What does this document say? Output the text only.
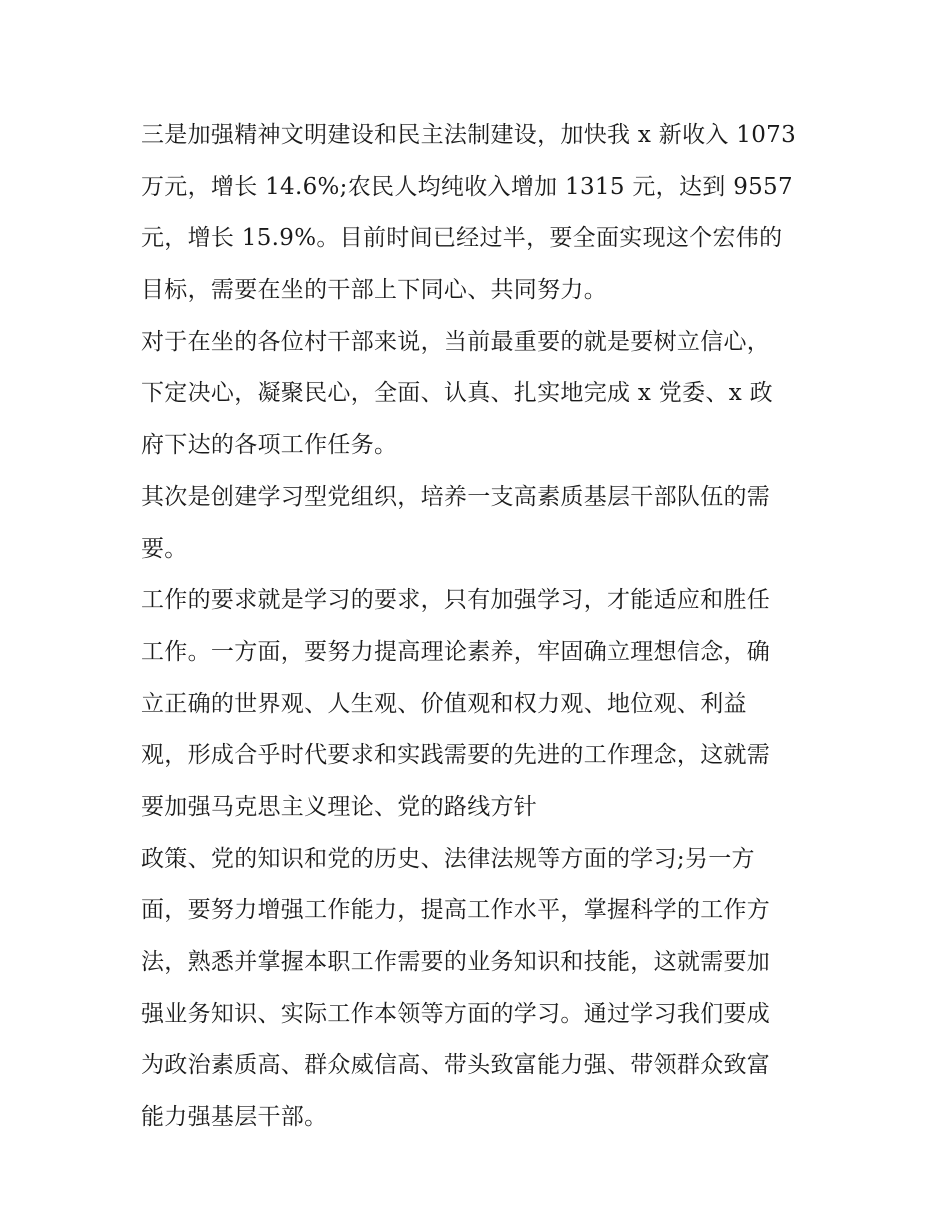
三是加强精神文明建设和民主法制建设，加快我 x 新收入 1073
万元，增长 14.6%;农民人均纯收入增加 1315 元，达到 9557
元，增长 15.9%。目前时间已经过半，要全面实现这个宏伟的
目标，需要在坐的干部上下同心、共同努力。
对于在坐的各位村干部来说，当前最重要的就是要树立信心，
下定决心，凝聚民心，全面、认真、扎实地完成 x 党委、x 政
府下达的各项工作任务。
其次是创建学习型党组织，培养一支高素质基层干部队伍的需
要。
工作的要求就是学习的要求，只有加强学习，才能适应和胜任
工作。一方面，要努力提高理论素养，牢固确立理想信念，确
立正确的世界观、人生观、价值观和权力观、地位观、利益
观，形成合乎时代要求和实践需要的先进的工作理念，这就需
要加强马克思主义理论、党的路线方针
政策、党的知识和党的历史、法律法规等方面的学习;另一方
面，要努力增强工作能力，提高工作水平，掌握科学的工作方
法，熟悉并掌握本职工作需要的业务知识和技能，这就需要加
强业务知识、实际工作本领等方面的学习。通过学习我们要成
为政治素质高、群众威信高、带头致富能力强、带领群众致富
能力强基层干部。
